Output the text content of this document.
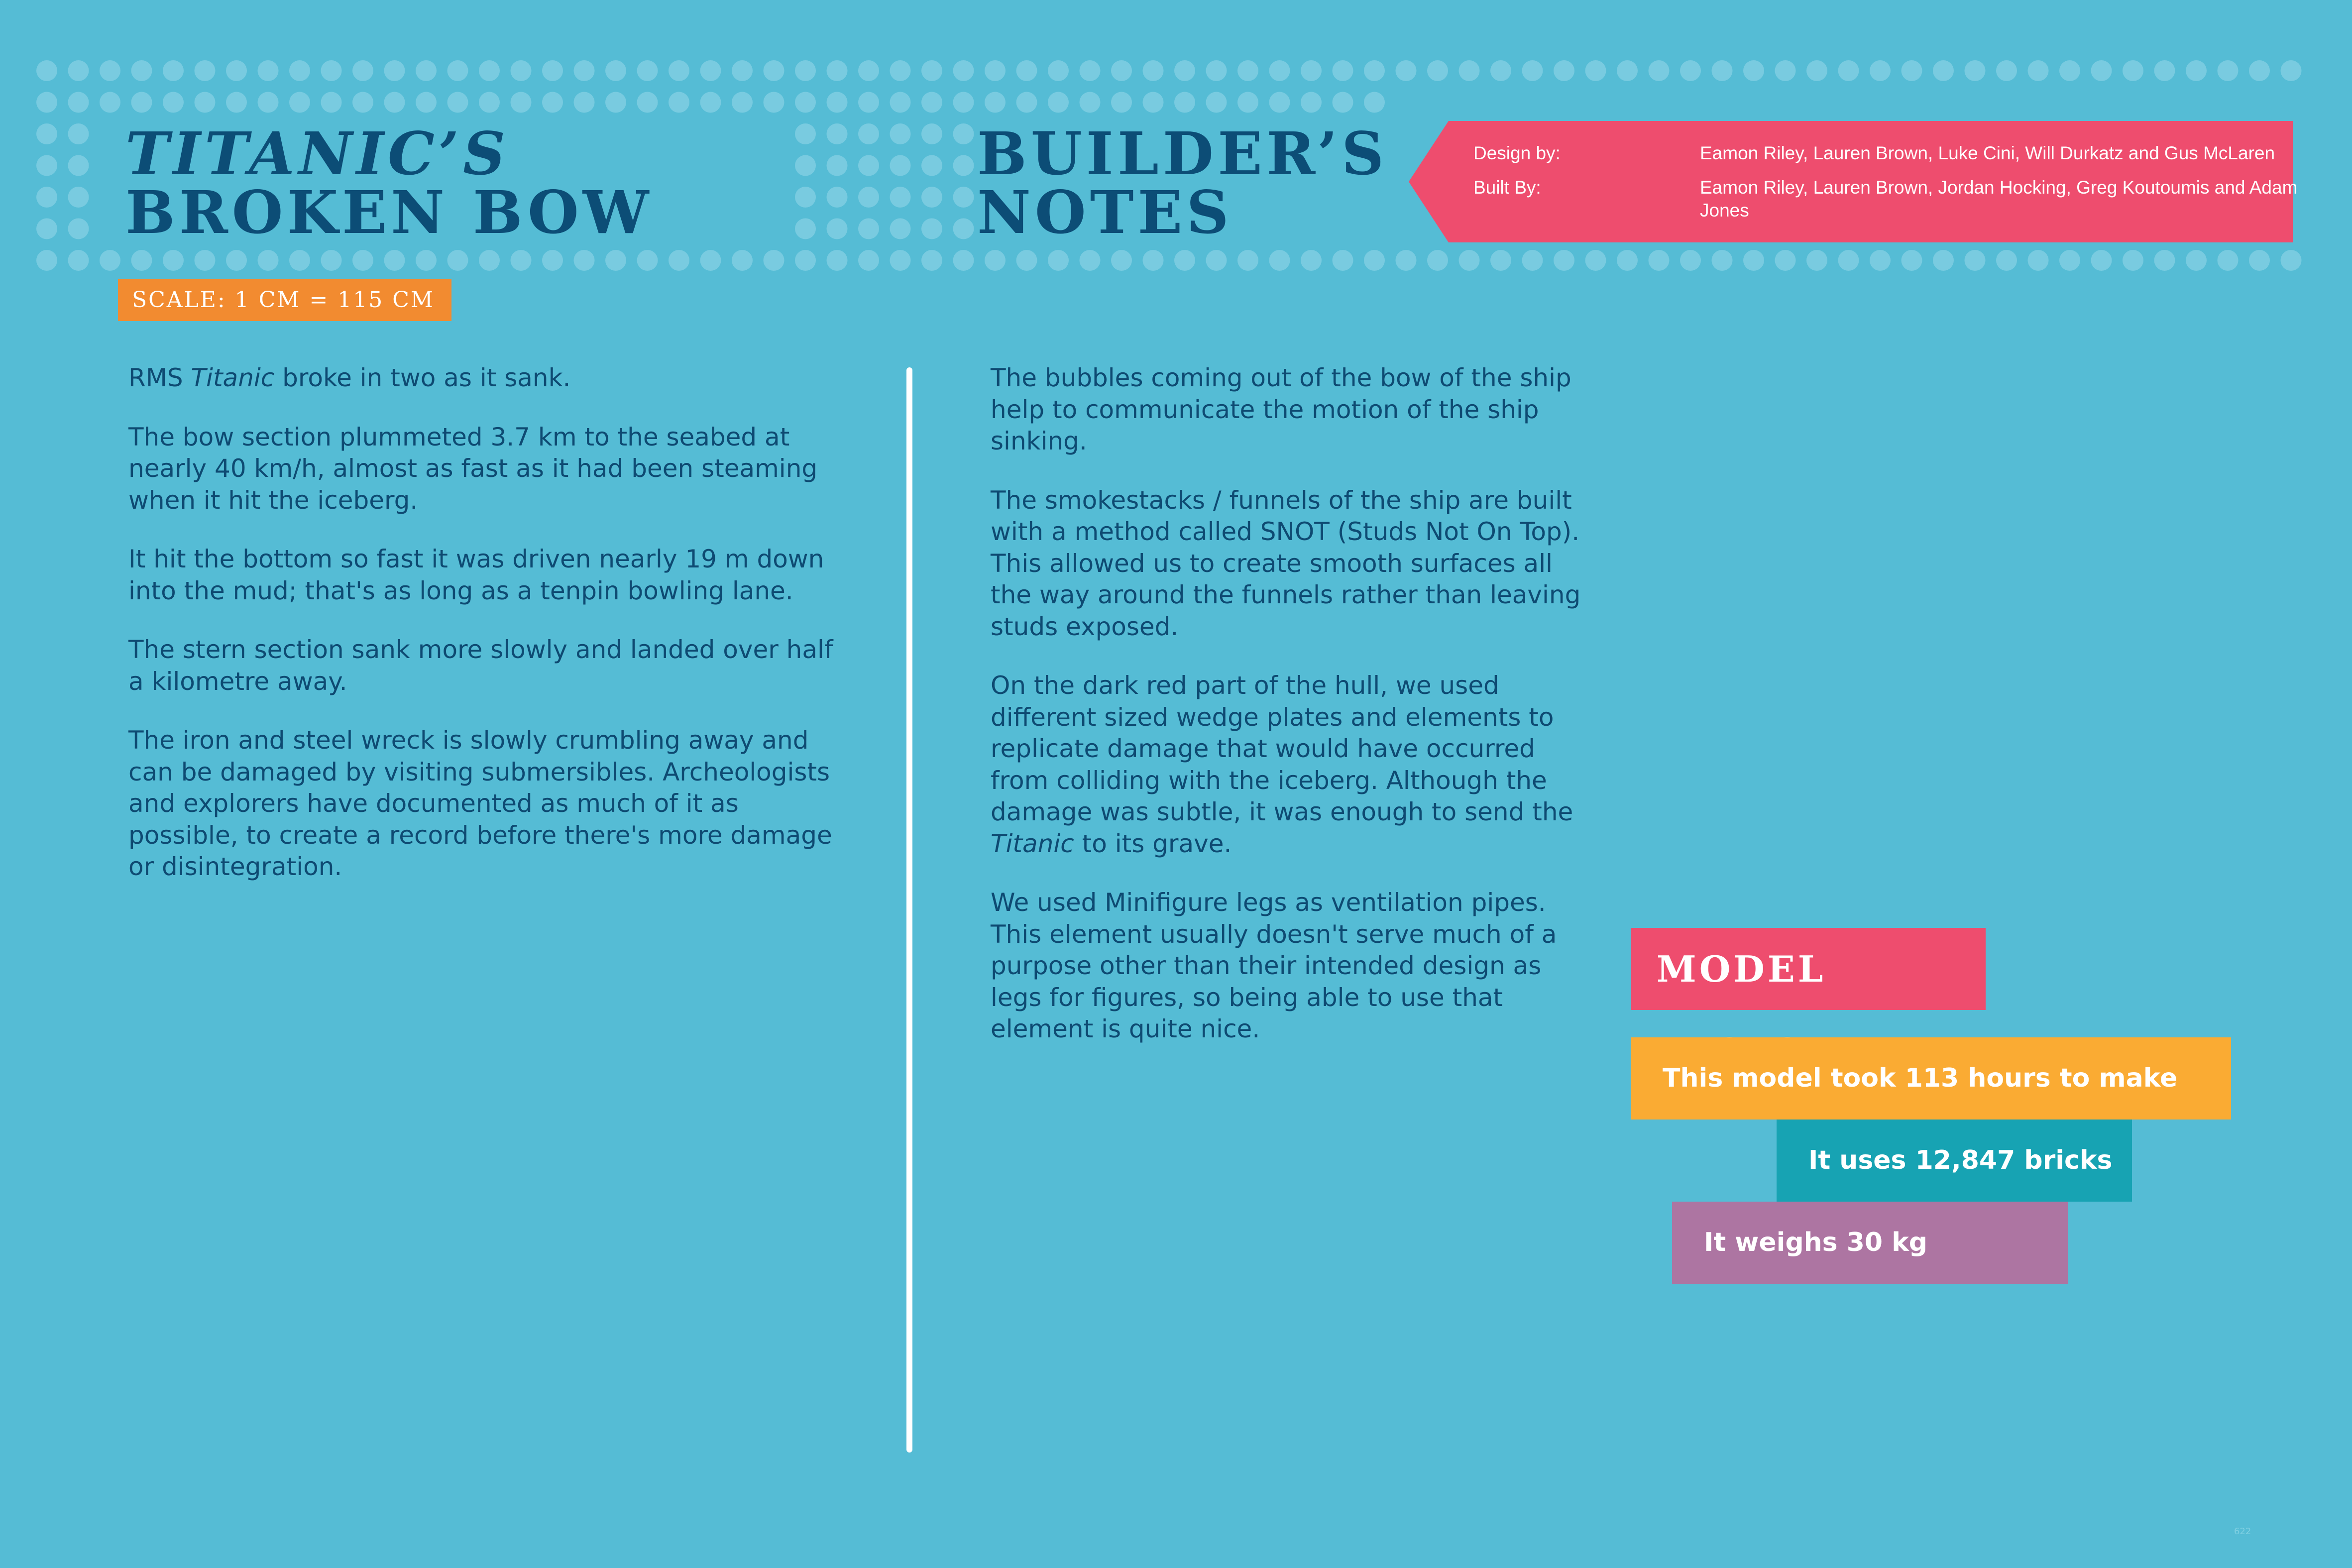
TITANIC’S
BROKEN BOW
BUILDER’S
NOTES
SCALE: 1 CM = 115 CM
Design by:	Eamon Riley, Lauren Brown, Luke Cini, Will Durkatz and Gus McLaren
Built By:	Eamon Riley, Lauren Brown, Jordan Hocking, Greg Koutoumis and Adam Jones

RMS Titanic broke in two as it sank.

The bow section plummeted 3.7 km to the seabed at nearly 40 km/h, almost as fast as it had been steaming when it hit the iceberg.

It hit the bottom so fast it was driven nearly 19 m down into the mud; that's as long as a tenpin bowling lane.

The stern section sank more slowly and landed over half a kilometre away.

The iron and steel wreck is slowly crumbling away and can be damaged by visiting submersibles. Archeologists and explorers have documented as much of it as possible, to create a record before there's more damage or disintegration.

The bubbles coming out of the bow of the ship help to communicate the motion of the ship sinking.

The smokestacks / funnels of the ship are built with a method called SNOT (Studs Not On Top). This allowed us to create smooth surfaces all the way around the funnels rather than leaving studs exposed.

On the dark red part of the hull, we used different sized wedge plates and elements to replicate damage that would have occurred from colliding with the iceberg. Although the damage was subtle, it was enough to send the Titanic to its grave.

We used Minifigure legs as ventilation pipes. This element usually doesn't serve much of a purpose other than their intended design as legs for figures, so being able to use that element is quite nice.

MODEL
This model took 113 hours to make
It uses 12,847 bricks
It weighs 30 kg
622
